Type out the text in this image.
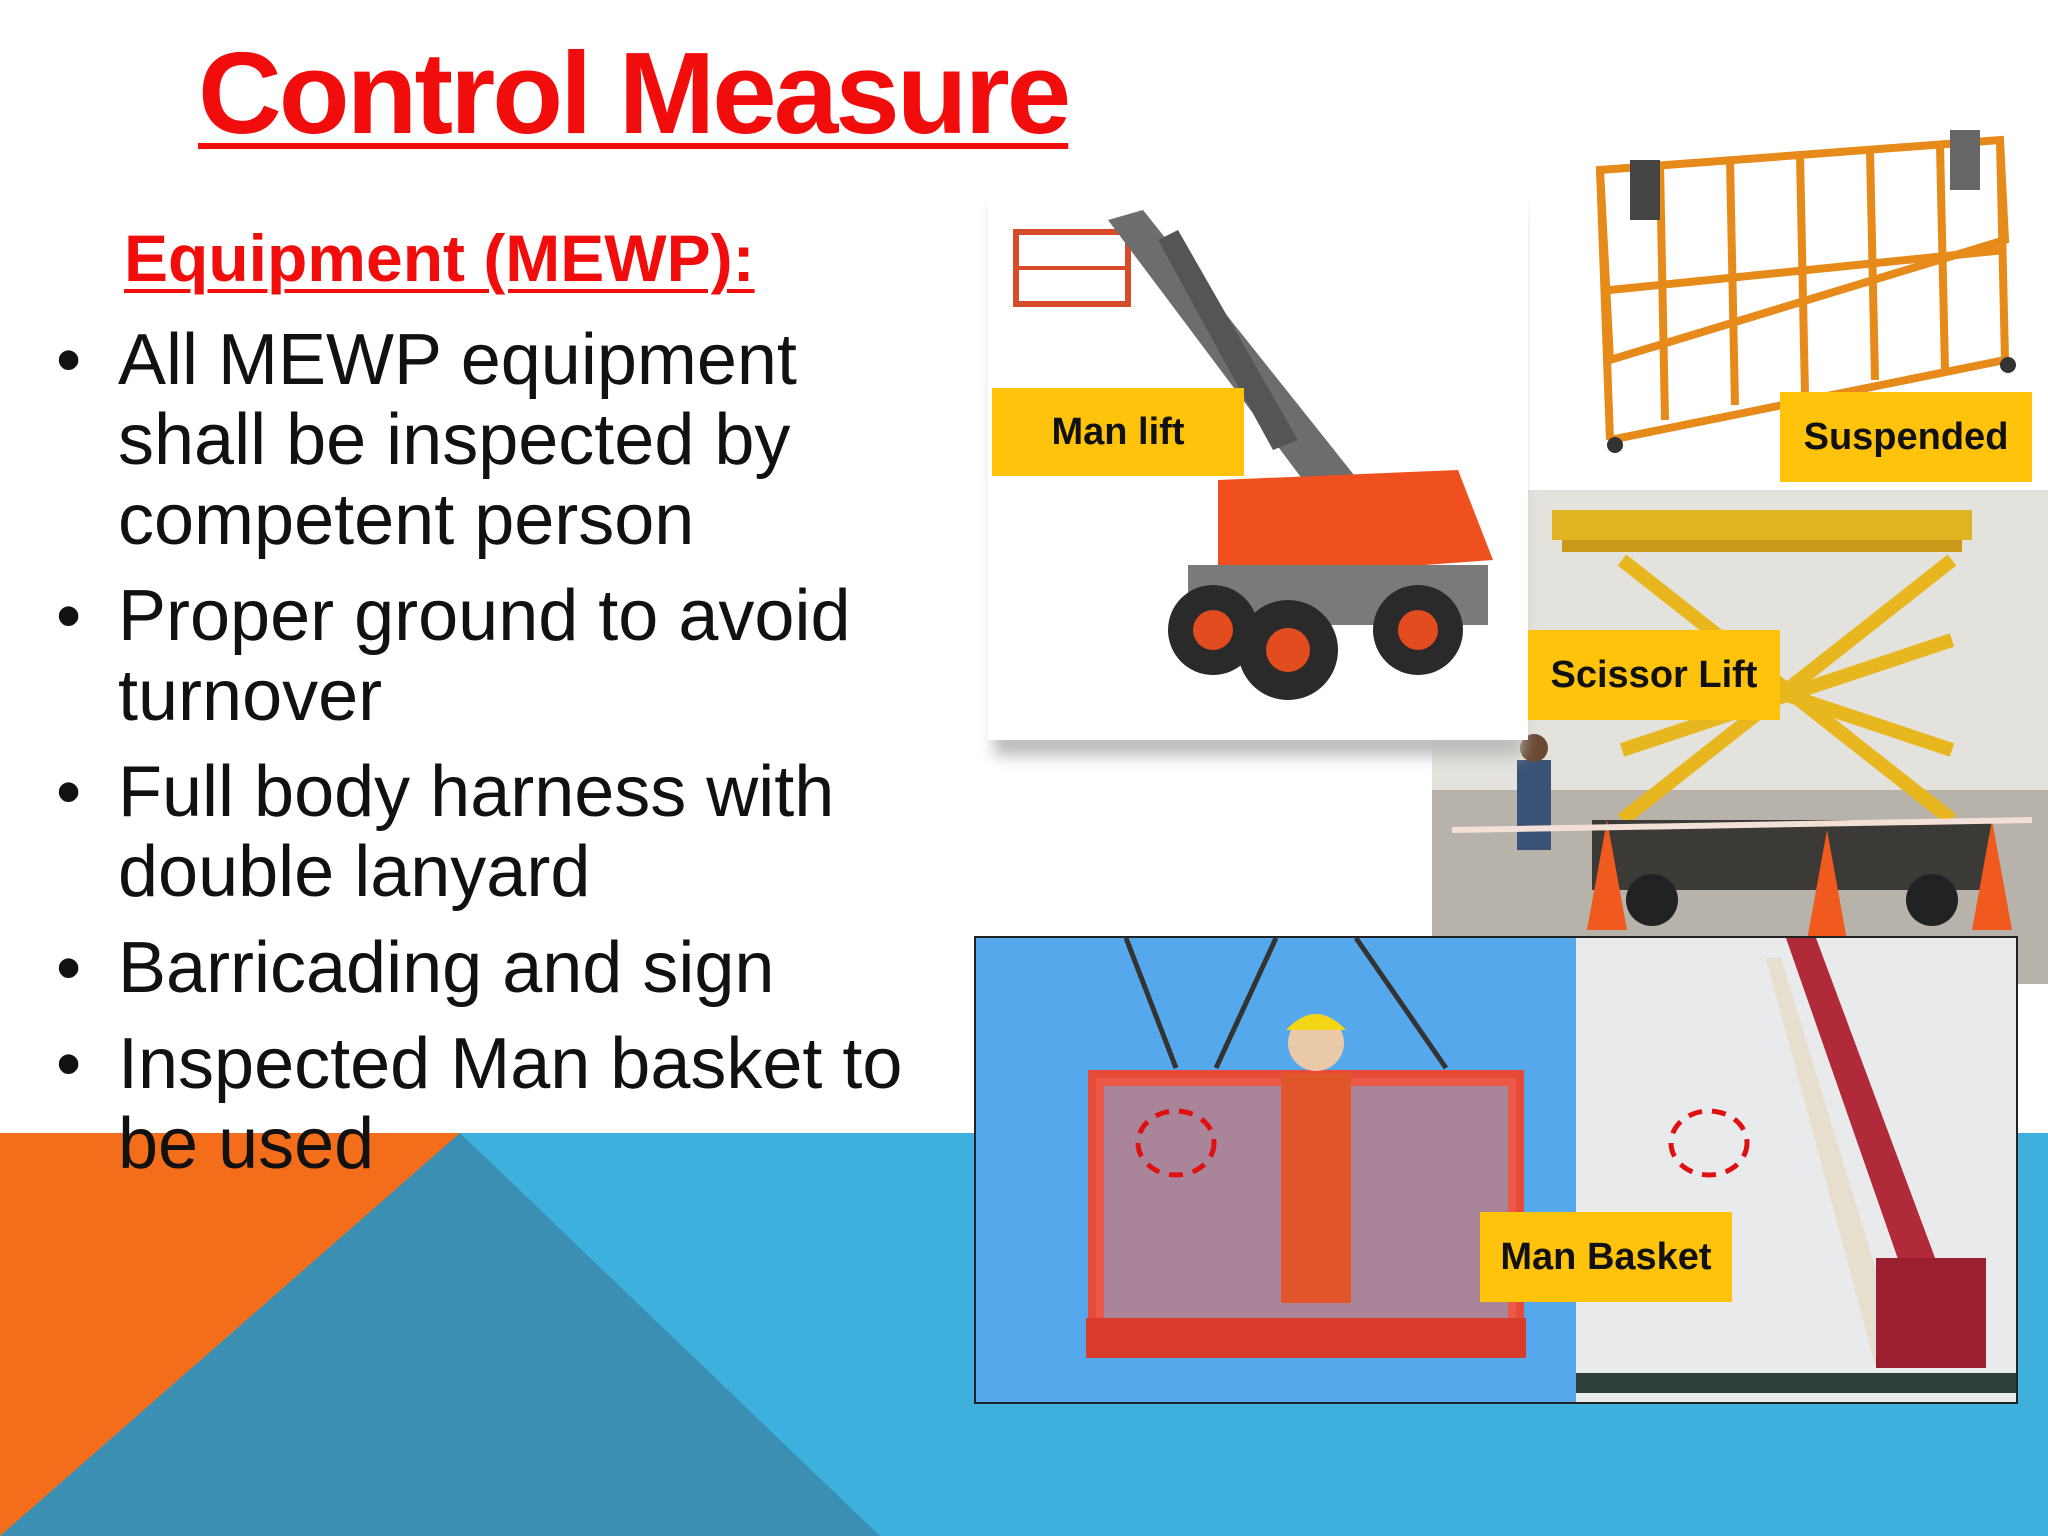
Control Measure
Equipment (MEWP):
• All MEWP equipment shall be inspected by competent person
• Proper ground to avoid turnover
• Full body harness with double lanyard
• Barricading and sign
• Inspected Man basket to be used
Man lift	Suspended
Scissor Lift
Man Basket
